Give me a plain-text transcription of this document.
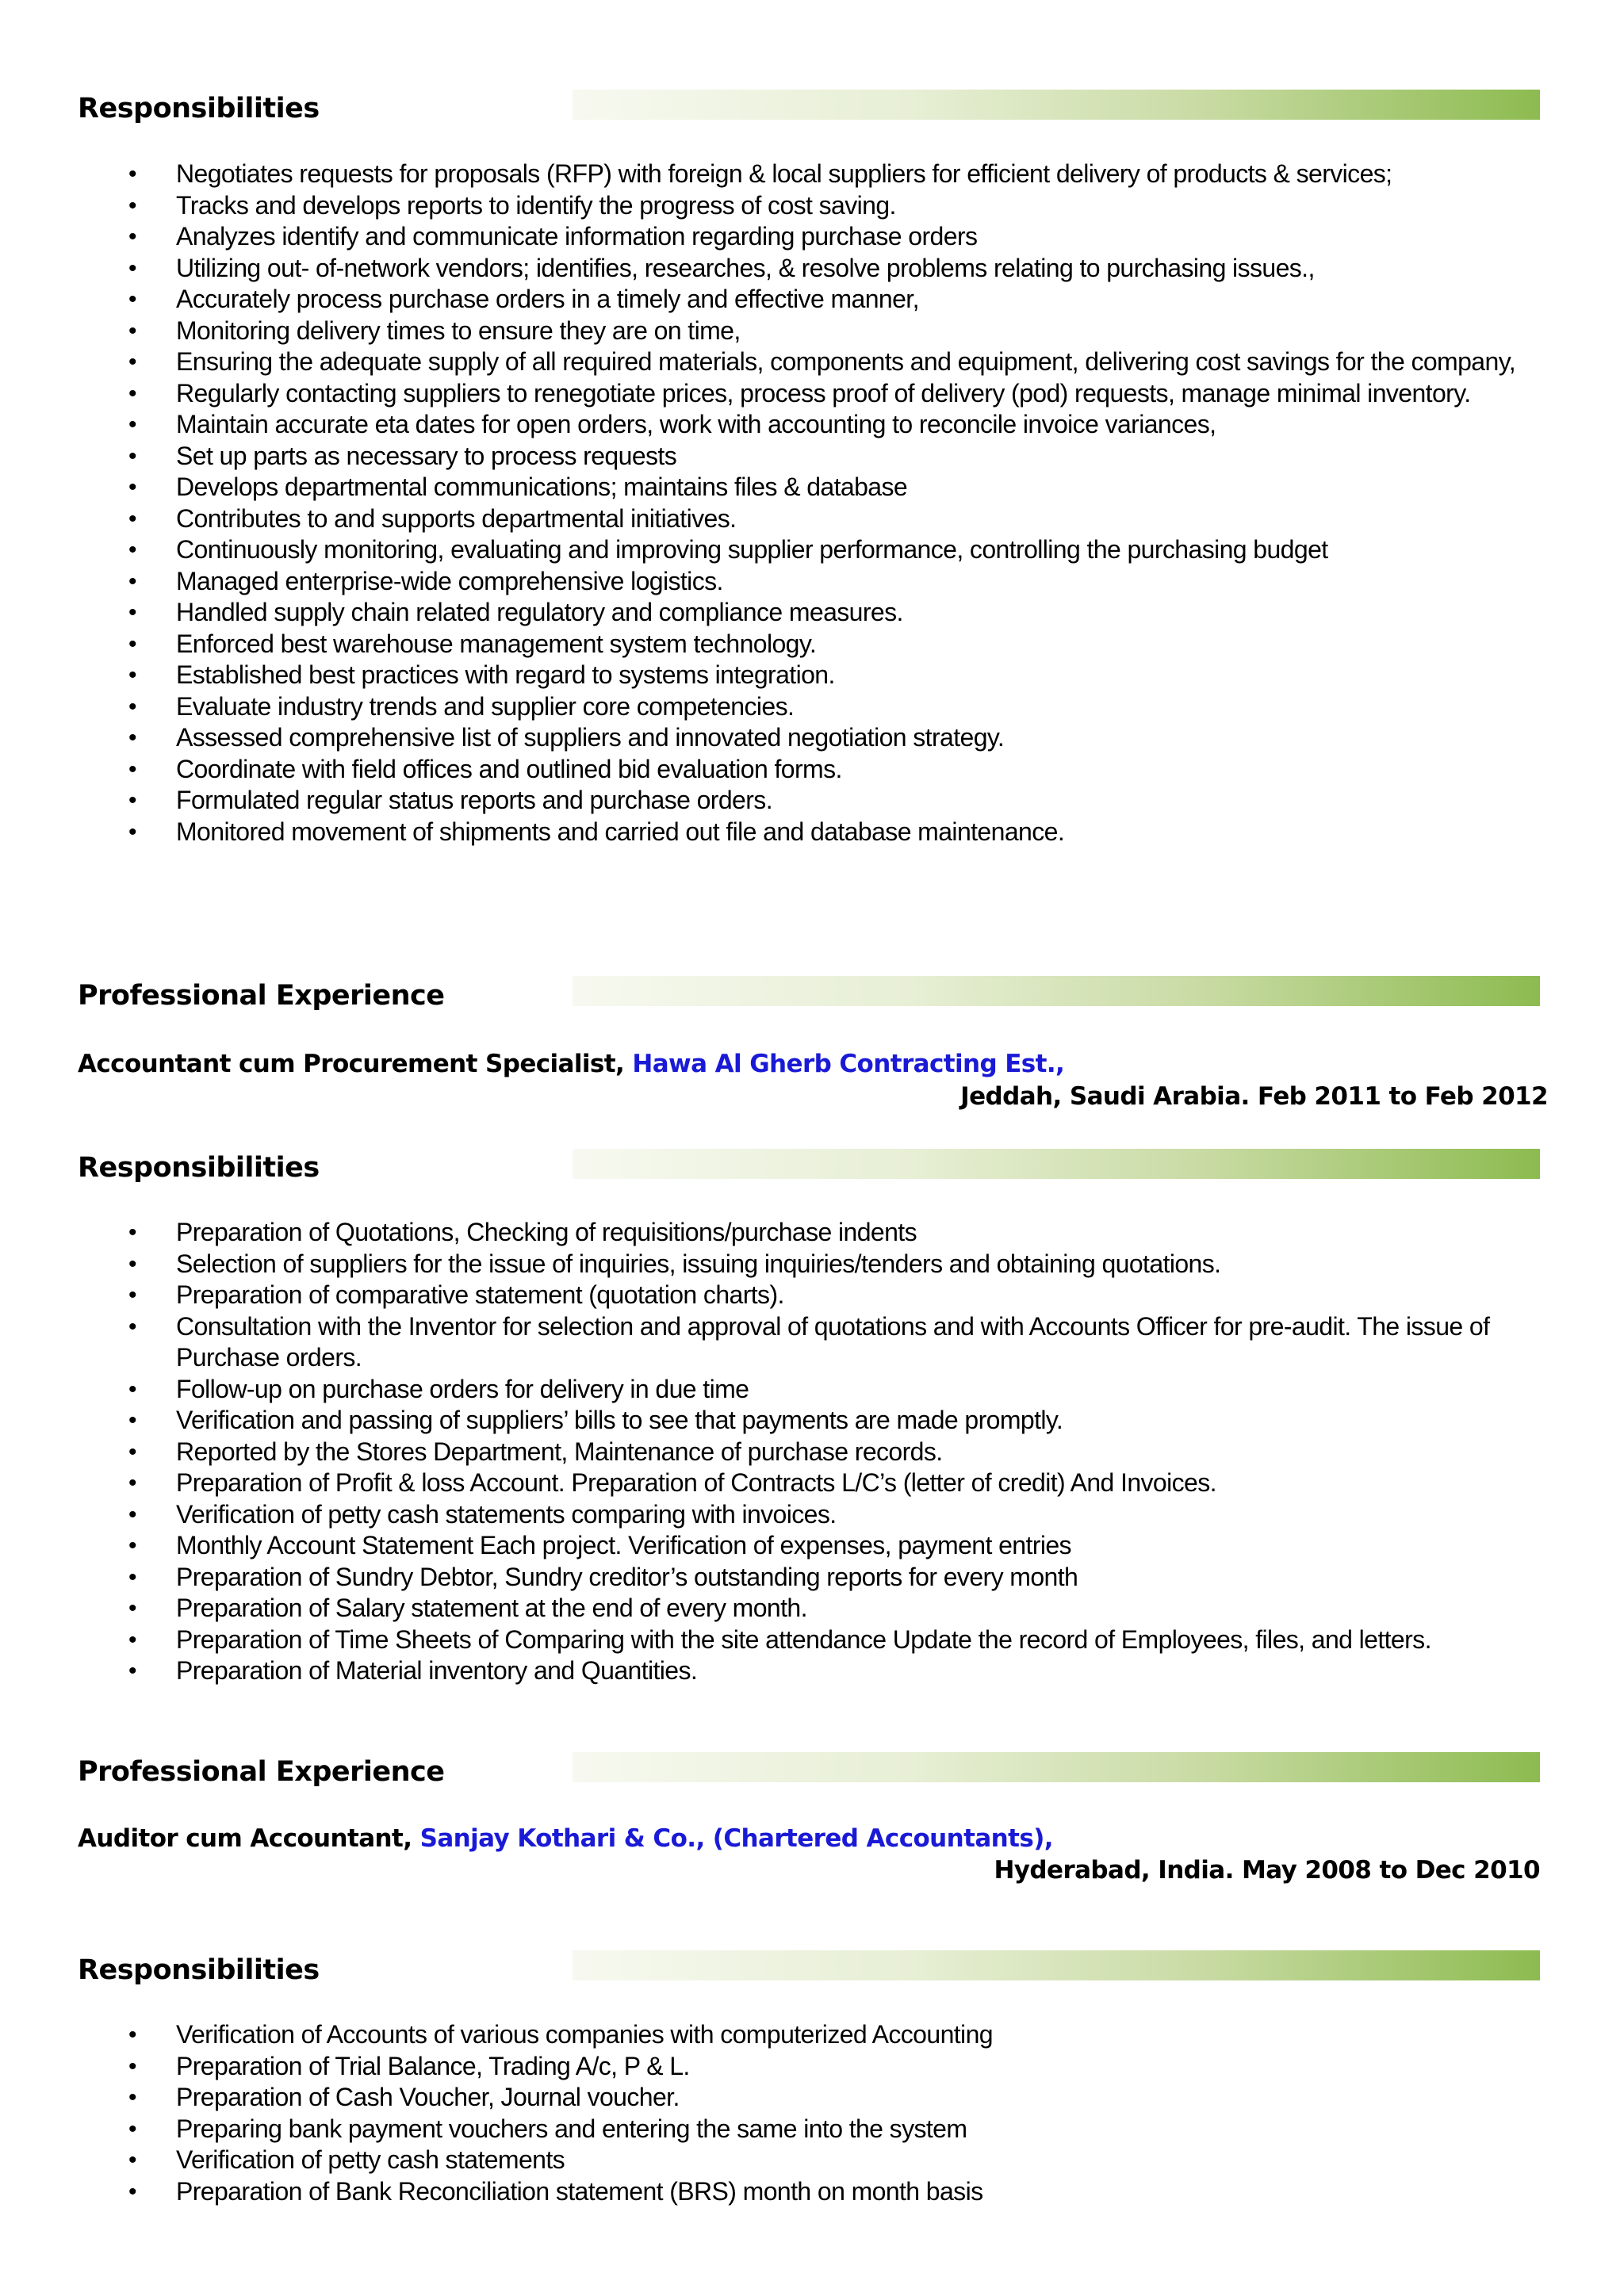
Responsibilities
• Negotiates requests for proposals (RFP) with foreign & local suppliers for efficient delivery of products & services;
• Tracks and develops reports to identify the progress of cost saving.
• Analyzes identify and communicate information regarding purchase orders
• Utilizing out- of-network vendors; identifies, researches, & resolve problems relating to purchasing issues.,
• Accurately process purchase orders in a timely and effective manner,
• Monitoring delivery times to ensure they are on time,
• Ensuring the adequate supply of all required materials, components and equipment, delivering cost savings for the company,
• Regularly contacting suppliers to renegotiate prices, process proof of delivery (pod) requests, manage minimal inventory.
• Maintain accurate eta dates for open orders, work with accounting to reconcile invoice variances,
• Set up parts as necessary to process requests
• Develops departmental communications; maintains files & database
• Contributes to and supports departmental initiatives.
• Continuously monitoring, evaluating and improving supplier performance, controlling the purchasing budget
• Managed enterprise-wide comprehensive logistics.
• Handled supply chain related regulatory and compliance measures.
• Enforced best warehouse management system technology.
• Established best practices with regard to systems integration.
• Evaluate industry trends and supplier core competencies.
• Assessed comprehensive list of suppliers and innovated negotiation strategy.
• Coordinate with field offices and outlined bid evaluation forms.
• Formulated regular status reports and purchase orders.
• Monitored movement of shipments and carried out file and database maintenance.
Professional Experience
Accountant cum Procurement Specialist, Hawa Al Gherb Contracting Est.,
Jeddah, Saudi Arabia. Feb 2011 to Feb 2012
Responsibilities
• Preparation of Quotations, Checking of requisitions/purchase indents
• Selection of suppliers for the issue of inquiries, issuing inquiries/tenders and obtaining quotations.
• Preparation of comparative statement (quotation charts).
• Consultation with the Inventor for selection and approval of quotations and with Accounts Officer for pre-audit. The issue of Purchase orders.
• Follow-up on purchase orders for delivery in due time
• Verification and passing of suppliers’ bills to see that payments are made promptly.
• Reported by the Stores Department, Maintenance of purchase records.
• Preparation of Profit & loss Account. Preparation of Contracts L/C’s (letter of credit) And Invoices.
• Verification of petty cash statements comparing with invoices.
• Monthly Account Statement Each project. Verification of expenses, payment entries
• Preparation of Sundry Debtor, Sundry creditor’s outstanding reports for every month
• Preparation of Salary statement at the end of every month.
• Preparation of Time Sheets of Comparing with the site attendance Update the record of Employees, files, and letters.
• Preparation of Material inventory and Quantities.
Professional Experience
Auditor cum Accountant, Sanjay Kothari & Co., (Chartered Accountants),
Hyderabad, India. May 2008 to Dec 2010
Responsibilities
• Verification of Accounts of various companies with computerized Accounting
• Preparation of Trial Balance, Trading A/c, P & L.
• Preparation of Cash Voucher, Journal voucher.
• Preparing bank payment vouchers and entering the same into the system
• Verification of petty cash statements
• Preparation of Bank Reconciliation statement (BRS) month on month basis
